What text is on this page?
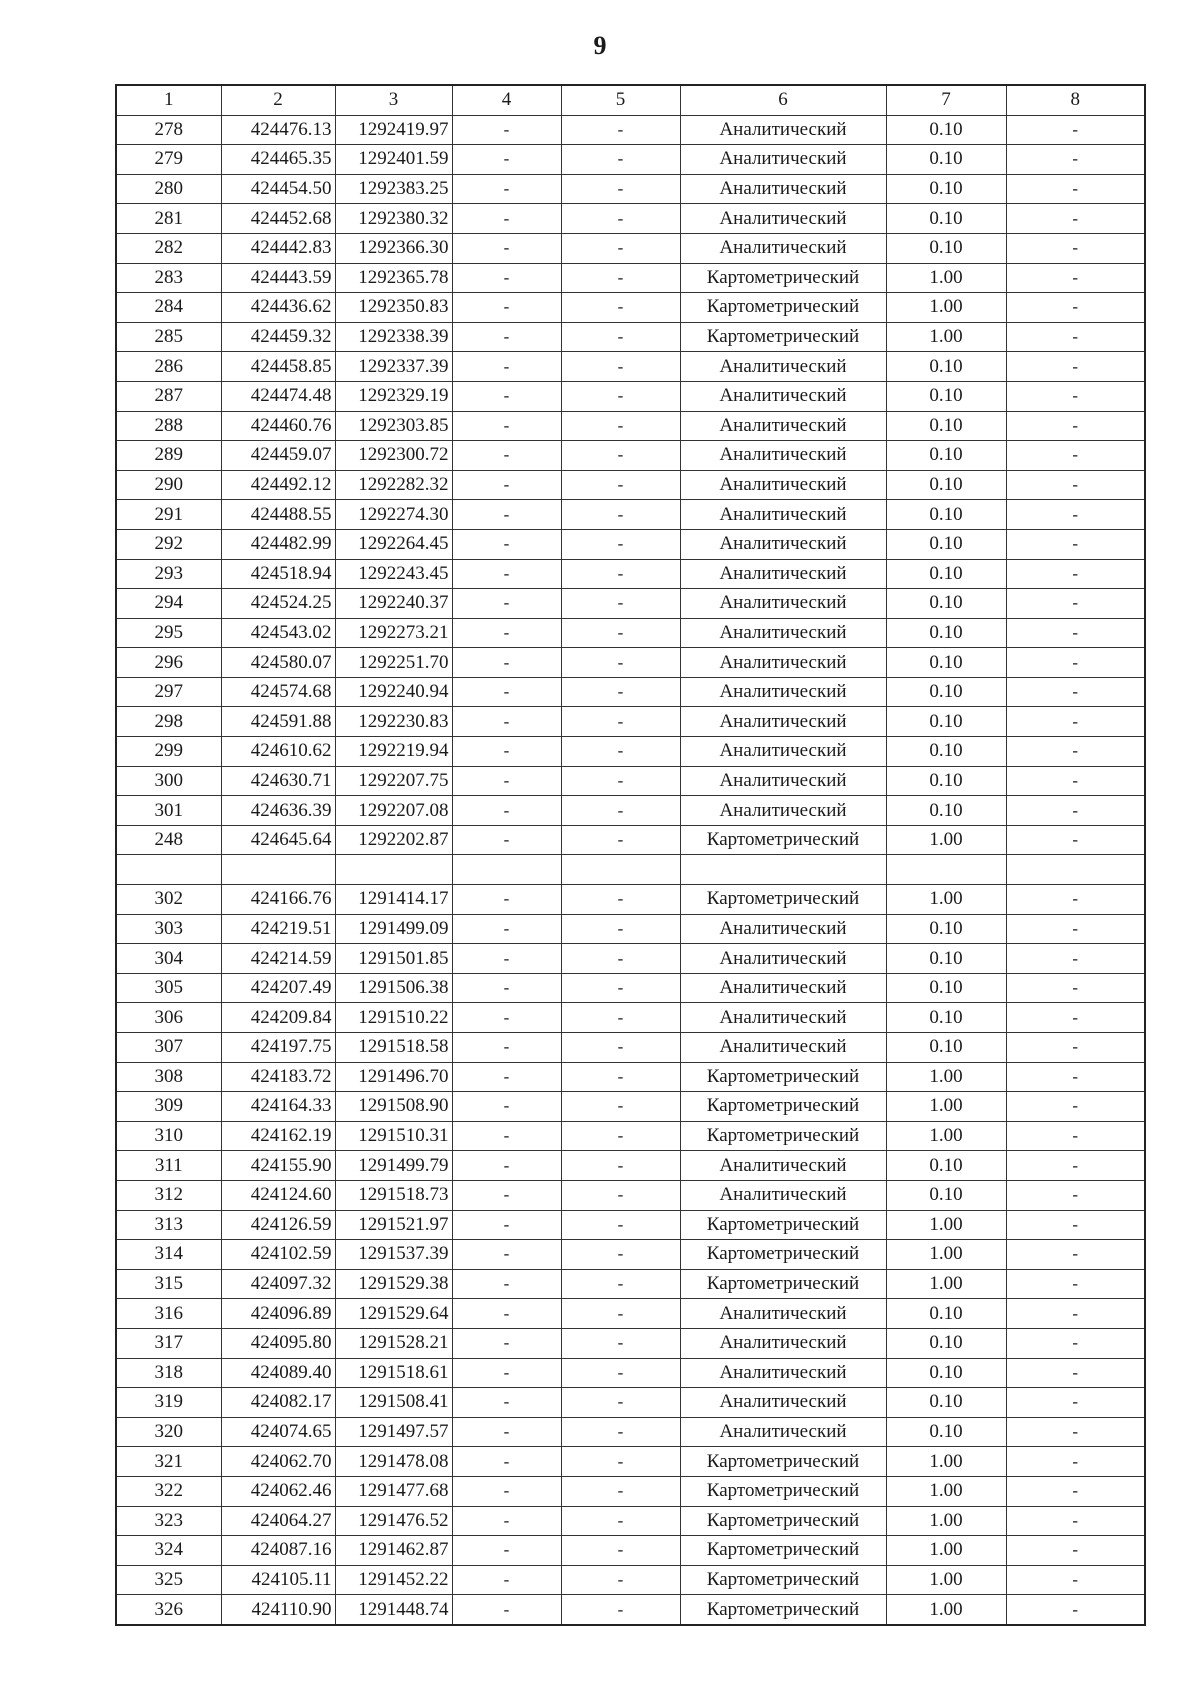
9
1	2	3	4	5	6	7	8
278	424476.13	1292419.97	-	-	Аналитический	0.10	-
279	424465.35	1292401.59	-	-	Аналитический	0.10	-
280	424454.50	1292383.25	-	-	Аналитический	0.10	-
281	424452.68	1292380.32	-	-	Аналитический	0.10	-
282	424442.83	1292366.30	-	-	Аналитический	0.10	-
283	424443.59	1292365.78	-	-	Картометрический	1.00	-
284	424436.62	1292350.83	-	-	Картометрический	1.00	-
285	424459.32	1292338.39	-	-	Картометрический	1.00	-
286	424458.85	1292337.39	-	-	Аналитический	0.10	-
287	424474.48	1292329.19	-	-	Аналитический	0.10	-
288	424460.76	1292303.85	-	-	Аналитический	0.10	-
289	424459.07	1292300.72	-	-	Аналитический	0.10	-
290	424492.12	1292282.32	-	-	Аналитический	0.10	-
291	424488.55	1292274.30	-	-	Аналитический	0.10	-
292	424482.99	1292264.45	-	-	Аналитический	0.10	-
293	424518.94	1292243.45	-	-	Аналитический	0.10	-
294	424524.25	1292240.37	-	-	Аналитический	0.10	-
295	424543.02	1292273.21	-	-	Аналитический	0.10	-
296	424580.07	1292251.70	-	-	Аналитический	0.10	-
297	424574.68	1292240.94	-	-	Аналитический	0.10	-
298	424591.88	1292230.83	-	-	Аналитический	0.10	-
299	424610.62	1292219.94	-	-	Аналитический	0.10	-
300	424630.71	1292207.75	-	-	Аналитический	0.10	-
301	424636.39	1292207.08	-	-	Аналитический	0.10	-
248	424645.64	1292202.87	-	-	Картометрический	1.00	-

302	424166.76	1291414.17	-	-	Картометрический	1.00	-
303	424219.51	1291499.09	-	-	Аналитический	0.10	-
304	424214.59	1291501.85	-	-	Аналитический	0.10	-
305	424207.49	1291506.38	-	-	Аналитический	0.10	-
306	424209.84	1291510.22	-	-	Аналитический	0.10	-
307	424197.75	1291518.58	-	-	Аналитический	0.10	-
308	424183.72	1291496.70	-	-	Картометрический	1.00	-
309	424164.33	1291508.90	-	-	Картометрический	1.00	-
310	424162.19	1291510.31	-	-	Картометрический	1.00	-
311	424155.90	1291499.79	-	-	Аналитический	0.10	-
312	424124.60	1291518.73	-	-	Аналитический	0.10	-
313	424126.59	1291521.97	-	-	Картометрический	1.00	-
314	424102.59	1291537.39	-	-	Картометрический	1.00	-
315	424097.32	1291529.38	-	-	Картометрический	1.00	-
316	424096.89	1291529.64	-	-	Аналитический	0.10	-
317	424095.80	1291528.21	-	-	Аналитический	0.10	-
318	424089.40	1291518.61	-	-	Аналитический	0.10	-
319	424082.17	1291508.41	-	-	Аналитический	0.10	-
320	424074.65	1291497.57	-	-	Аналитический	0.10	-
321	424062.70	1291478.08	-	-	Картометрический	1.00	-
322	424062.46	1291477.68	-	-	Картометрический	1.00	-
323	424064.27	1291476.52	-	-	Картометрический	1.00	-
324	424087.16	1291462.87	-	-	Картометрический	1.00	-
325	424105.11	1291452.22	-	-	Картометрический	1.00	-
326	424110.90	1291448.74	-	-	Картометрический	1.00	-
